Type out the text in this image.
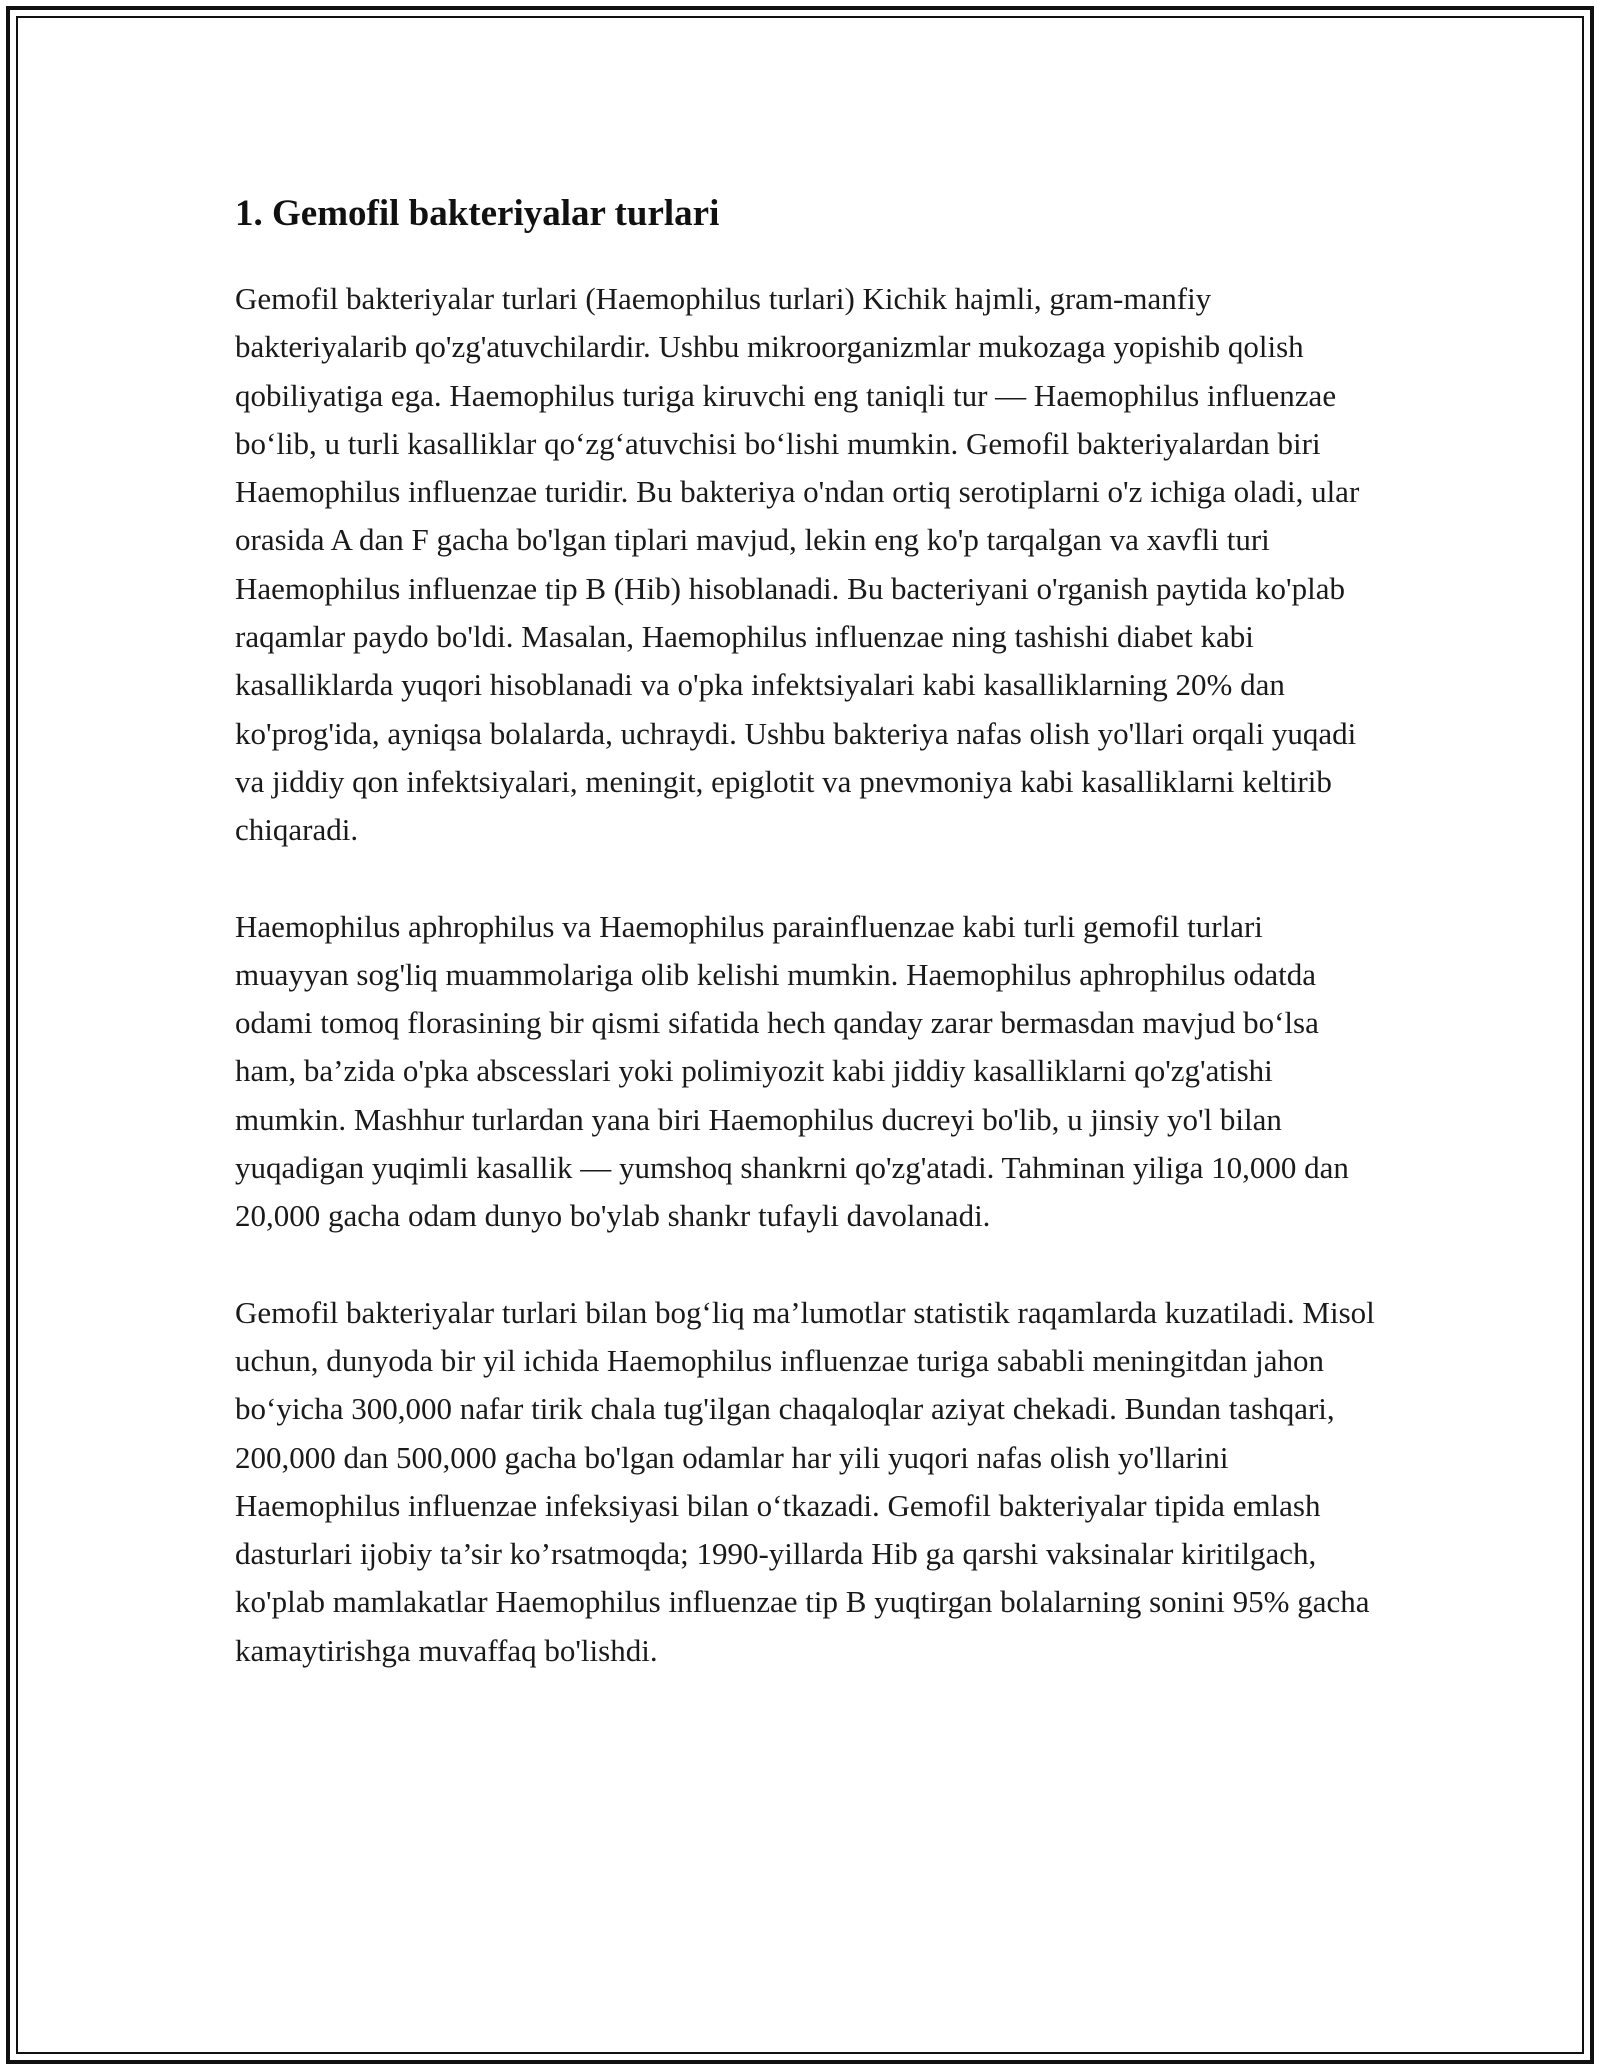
1. Gemofil bakteriyalar turlari

Gemofil bakteriyalar turlari (Haemophilus turlari) Kichik hajmli, gram-manfiy bakteriyalarib qo'zg'atuvchilardir. Ushbu mikroorganizmlar mukozaga yopishib qolish qobiliyatiga ega. Haemophilus turiga kiruvchi eng taniqli tur — Haemophilus influenzae bo‘lib, u turli kasalliklar qo‘zg‘atuvchisi bo‘lishi mumkin. Gemofil bakteriyalardan biri Haemophilus influenzae turidir. Bu bakteriya o'ndan ortiq serotiplarni o'z ichiga oladi, ular orasida A dan F gacha bo'lgan tiplari mavjud, lekin eng ko'p tarqalgan va xavfli turi Haemophilus influenzae tip B (Hib) hisoblanadi. Bu bacteriyani o'rganish paytida ko'plab raqamlar paydo bo'ldi. Masalan, Haemophilus influenzae ning tashishi diabet kabi kasalliklarda yuqori hisoblanadi va o'pka infektsiyalari kabi kasalliklarning 20% dan ko'prog'ida, ayniqsa bolalarda, uchraydi. Ushbu bakteriya nafas olish yo'llari orqali yuqadi va jiddiy qon infektsiyalari, meningit, epiglotit va pnevmoniya kabi kasalliklarni keltirib chiqaradi.

Haemophilus aphrophilus va Haemophilus parainfluenzae kabi turli gemofil turlari muayyan sog'liq muammolariga olib kelishi mumkin. Haemophilus aphrophilus odatda odami tomoq florasining bir qismi sifatida hech qanday zarar bermasdan mavjud bo‘lsa ham, ba’zida o'pka abscesslari yoki polimiyozit kabi jiddiy kasalliklarni qo'zg'atishi mumkin. Mashhur turlardan yana biri Haemophilus ducreyi bo'lib, u jinsiy yo'l bilan yuqadigan yuqimli kasallik — yumshoq shankrni qo'zg'atadi. Tahminan yiliga 10,000 dan 20,000 gacha odam dunyo bo'ylab shankr tufayli davolanadi.

Gemofil bakteriyalar turlari bilan bog‘liq ma’lumotlar statistik raqamlarda kuzatiladi. Misol uchun, dunyoda bir yil ichida Haemophilus influenzae turiga sababli meningitdan jahon bo‘yicha 300,000 nafar tirik chala tug'ilgan chaqaloqlar aziyat chekadi. Bundan tashqari, 200,000 dan 500,000 gacha bo'lgan odamlar har yili yuqori nafas olish yo'llarini Haemophilus influenzae infeksiyasi bilan o‘tkazadi. Gemofil bakteriyalar tipida emlash dasturlari ijobiy ta’sir ko’rsatmoqda; 1990-yillarda Hib ga qarshi vaksinalar kiritilgach, ko'plab mamlakatlar Haemophilus influenzae tip B yuqtirgan bolalarning sonini 95% gacha kamaytirishga muvaffaq bo'lishdi.
